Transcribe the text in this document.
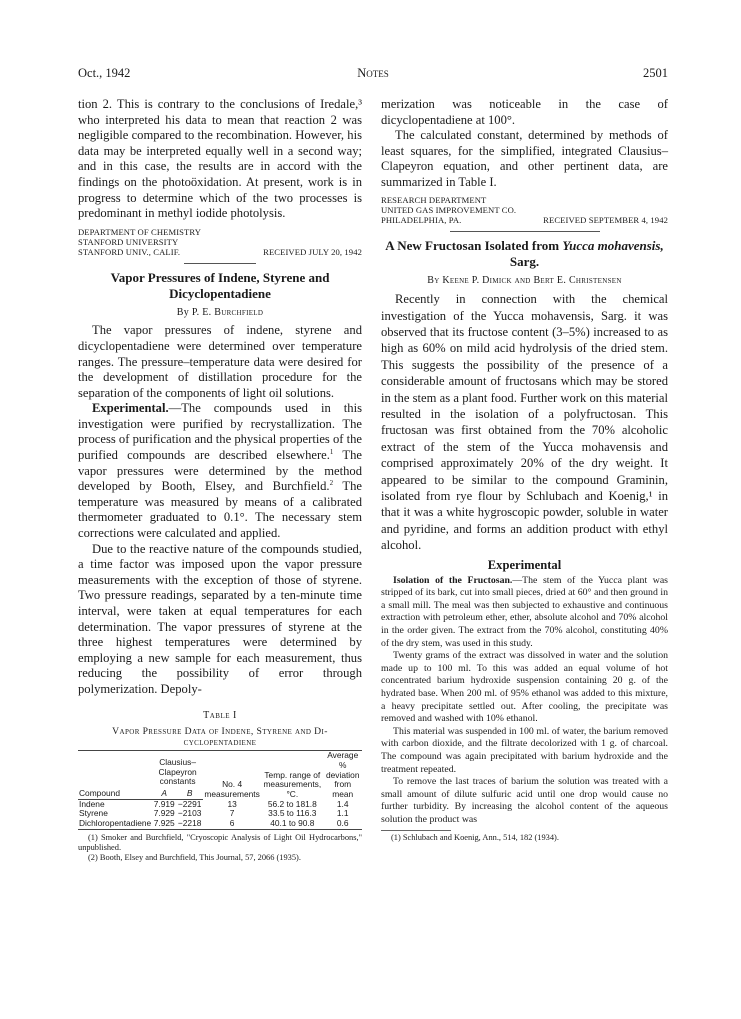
Oct., 1942	Notes	2501

tion 2. This is contrary to the conclusions of Iredale,³ who interpreted his data to mean that reaction 2 was negligible compared to the recombination. However, his data may be interpreted equally well in a second way; and in this case, the results are in accord with the findings on the photoöxidation. At present, work is in progress to determine which of the two processes is predominant in methyl iodide photolysis.

DEPARTMENT OF CHEMISTRY
STANFORD UNIVERSITY
STANFORD UNIV., CALIF.	RECEIVED JULY 20, 1942
Vapor Pressures of Indene, Styrene and Dicyclopentadiene
By P. E. Burchfield

The vapor pressures of indene, styrene and dicyclopentadiene were determined over temperature ranges. The pressure–temperature data were desired for the development of distillation procedure for the separation of the components of light oil solutions.

Experimental.—The compounds used in this investigation were purified by recrystallization. The process of purification and the physical properties of the purified compounds are described elsewhere.$^1$ The vapor pressures were determined by the method developed by Booth, Elsey, and Burchfield.$^2$ The temperature was measured by means of a calibrated thermometer graduated to 0.1°. The necessary stem corrections were calculated and applied.

Due to the reactive nature of the compounds studied, a time factor was imposed upon the vapor pressure measurements with the exception of those of styrene. Two pressure readings, separated by a ten-minute time interval, were taken at equal temperatures for each determination. The vapor pressures of styrene at the three highest temperatures were determined by employing a new sample for each measurement, thus reducing the possibility of error through polymerization. Depoly-

Table I
Vapor Pressure Data of Indene, Styrene and Di-
cyclopentadiene
	Clausius–Clapeyron constants		No. 4 measurements	Temp. range of measurements, °C.	Average % deviation from mean
Compound	A	B			
Indene	7.919	−2291	13	56.2 to 181.8	1.4
Styrene	7.929	−2103	7	33.5 to 116.3	1.1
Dichloropentadiene	7.925	−2218	6	40.1 to 90.8	0.6

(1) Smoker and Burchfield, "Cryoscopic Analysis of Light Oil Hydrocarbons," unpublished.

(2) Booth, Elsey and Burchfield, This Journal, 57, 2066 (1935).

merization was noticeable in the case of dicyclopentadiene at 100°.

The calculated constant, determined by methods of least squares, for the simplified, integrated Clausius–Clapeyron equation, and other pertinent data, are summarized in Table I.

RESEARCH DEPARTMENT
UNITED GAS IMPROVEMENT CO.
PHILADELPHIA, PA.	RECEIVED SEPTEMBER 4, 1942
A New Fructosan Isolated from Yucca mohavensis, Sarg.
By Keene P. Dimick and Bert E. Christensen

Recently in connection with the chemical investigation of the Yucca mohavensis, Sarg. it was observed that its fructose content (3–5%) increased to as high as 60% on mild acid hydrolysis of the dried stem. This suggests the possibility of the presence of a considerable amount of fructosans which may be stored in the stem as a plant food. Further work on this material resulted in the isolation of a polyfructosan. This fructosan was first obtained from the 70% alcoholic extract of the stem of the Yucca mohavensis and comprised approximately 20% of the dry weight. It appeared to be similar to the compound Graminin, isolated from rye flour by Schlubach and Koenig,¹ in that it was a white hygroscopic powder, soluble in water and pyridine, and forms an addition product with ethyl alcohol.

Experimental

Isolation of the Fructosan.—The stem of the Yucca plant was stripped of its bark, cut into small pieces, dried at 60° and then ground in a small mill. The meal was then subjected to exhaustive and continuous extraction with petroleum ether, ether, absolute alcohol and 70% alcohol in the order given. The extract from the 70% alcohol, constituting 40% of the dry stem, was used in this study.

Twenty grams of the extract was dissolved in water and the solution made up to 100 ml. To this was added an equal volume of hot concentrated barium hydroxide suspension containing 20 g. of the hydrated base. When 200 ml. of 95% ethanol was added to this mixture, a heavy precipitate settled out. After cooling, the precipitate was removed and washed with 10% ethanol.

This material was suspended in 100 ml. of water, the barium removed with carbon dioxide, and the filtrate decolorized with 1 g. of charcoal. The compound was again precipitated with barium hydroxide and the treatment repeated.

To remove the last traces of barium the solution was treated with a small amount of dilute sulfuric acid until one drop would cause no further turbidity. By increasing the alcohol content of the aqueous solution the product was

(1) Schlubach and Koenig, Ann., 514, 182 (1934).
